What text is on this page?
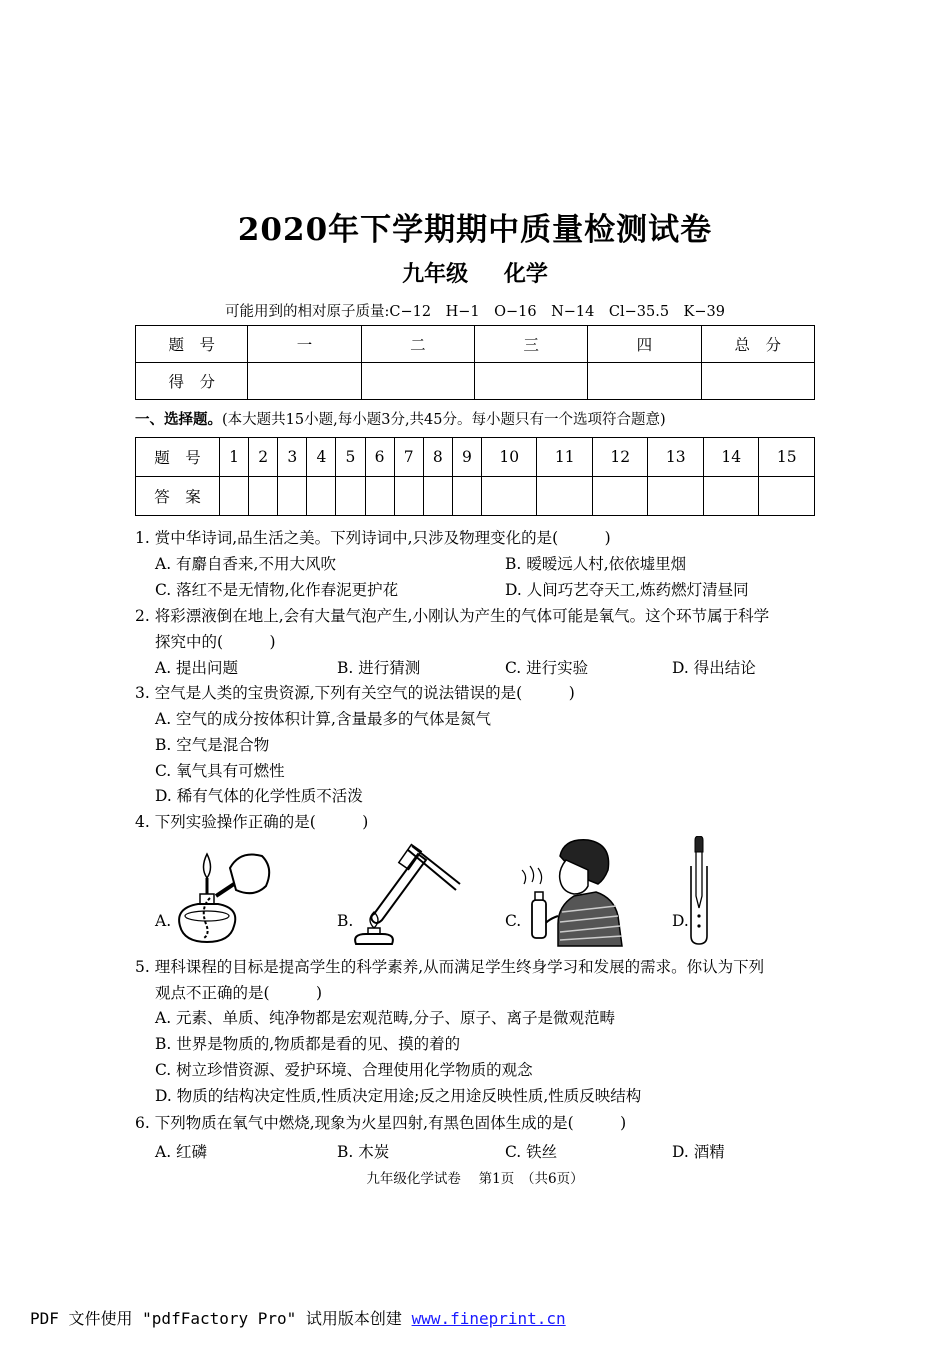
2020年下学期期中质量检测试卷
九年级 化学
可能用到的相对原子质量:C−12　H−1　O−16　N−14　Cl−35.5　K−39
题　号	一	二	三	四	总　分
得　分					
一、选择题。(本大题共15小题,每小题3分,共45分。每小题只有一个选项符合题意)
题　号	1	2	3	4	5	6	7	8	9	10	11	12	13	14	15
答　案															
1. 赏中华诗词,品生活之美。下列诗词中,只涉及物理变化的是(　　　)
A. 有麝自香来,不用大风吹	B. 暧暧远人村,依依墟里烟
C. 落红不是无情物,化作春泥更护花	D. 人间巧艺夺天工,炼药燃灯清昼同
2. 将彩漂液倒在地上,会有大量气泡产生,小刚认为产生的气体可能是氧气。这个环节属于科学
探究中的(　　　)
A. 提出问题	B. 进行猜测	C. 进行实验	D. 得出结论
3. 空气是人类的宝贵资源,下列有关空气的说法错误的是(　　　)
A. 空气的成分按体积计算,含量最多的气体是氮气
B. 空气是混合物
C. 氧气具有可燃性
D. 稀有气体的化学性质不活泼
4. 下列实验操作正确的是(　　　)
A.	B.	C.	D.
5. 理科课程的目标是提高学生的科学素养,从而满足学生终身学习和发展的需求。你认为下列
观点不正确的是(　　　)
A. 元素、单质、纯净物都是宏观范畴,分子、原子、离子是微观范畴
B. 世界是物质的,物质都是看的见、摸的着的
C. 树立珍惜资源、爱护环境、合理使用化学物质的观念
D. 物质的结构决定性质,性质决定用途;反之用途反映性质,性质反映结构
6. 下列物质在氧气中燃烧,现象为火星四射,有黑色固体生成的是(　　　)
A. 红磷	B. 木炭	C. 铁丝	D. 酒精
九年级化学试卷　 第1页　（共6页）
PDF 文件使用 "pdfFactory Pro" 试用版本创建 www.fineprint.cn
